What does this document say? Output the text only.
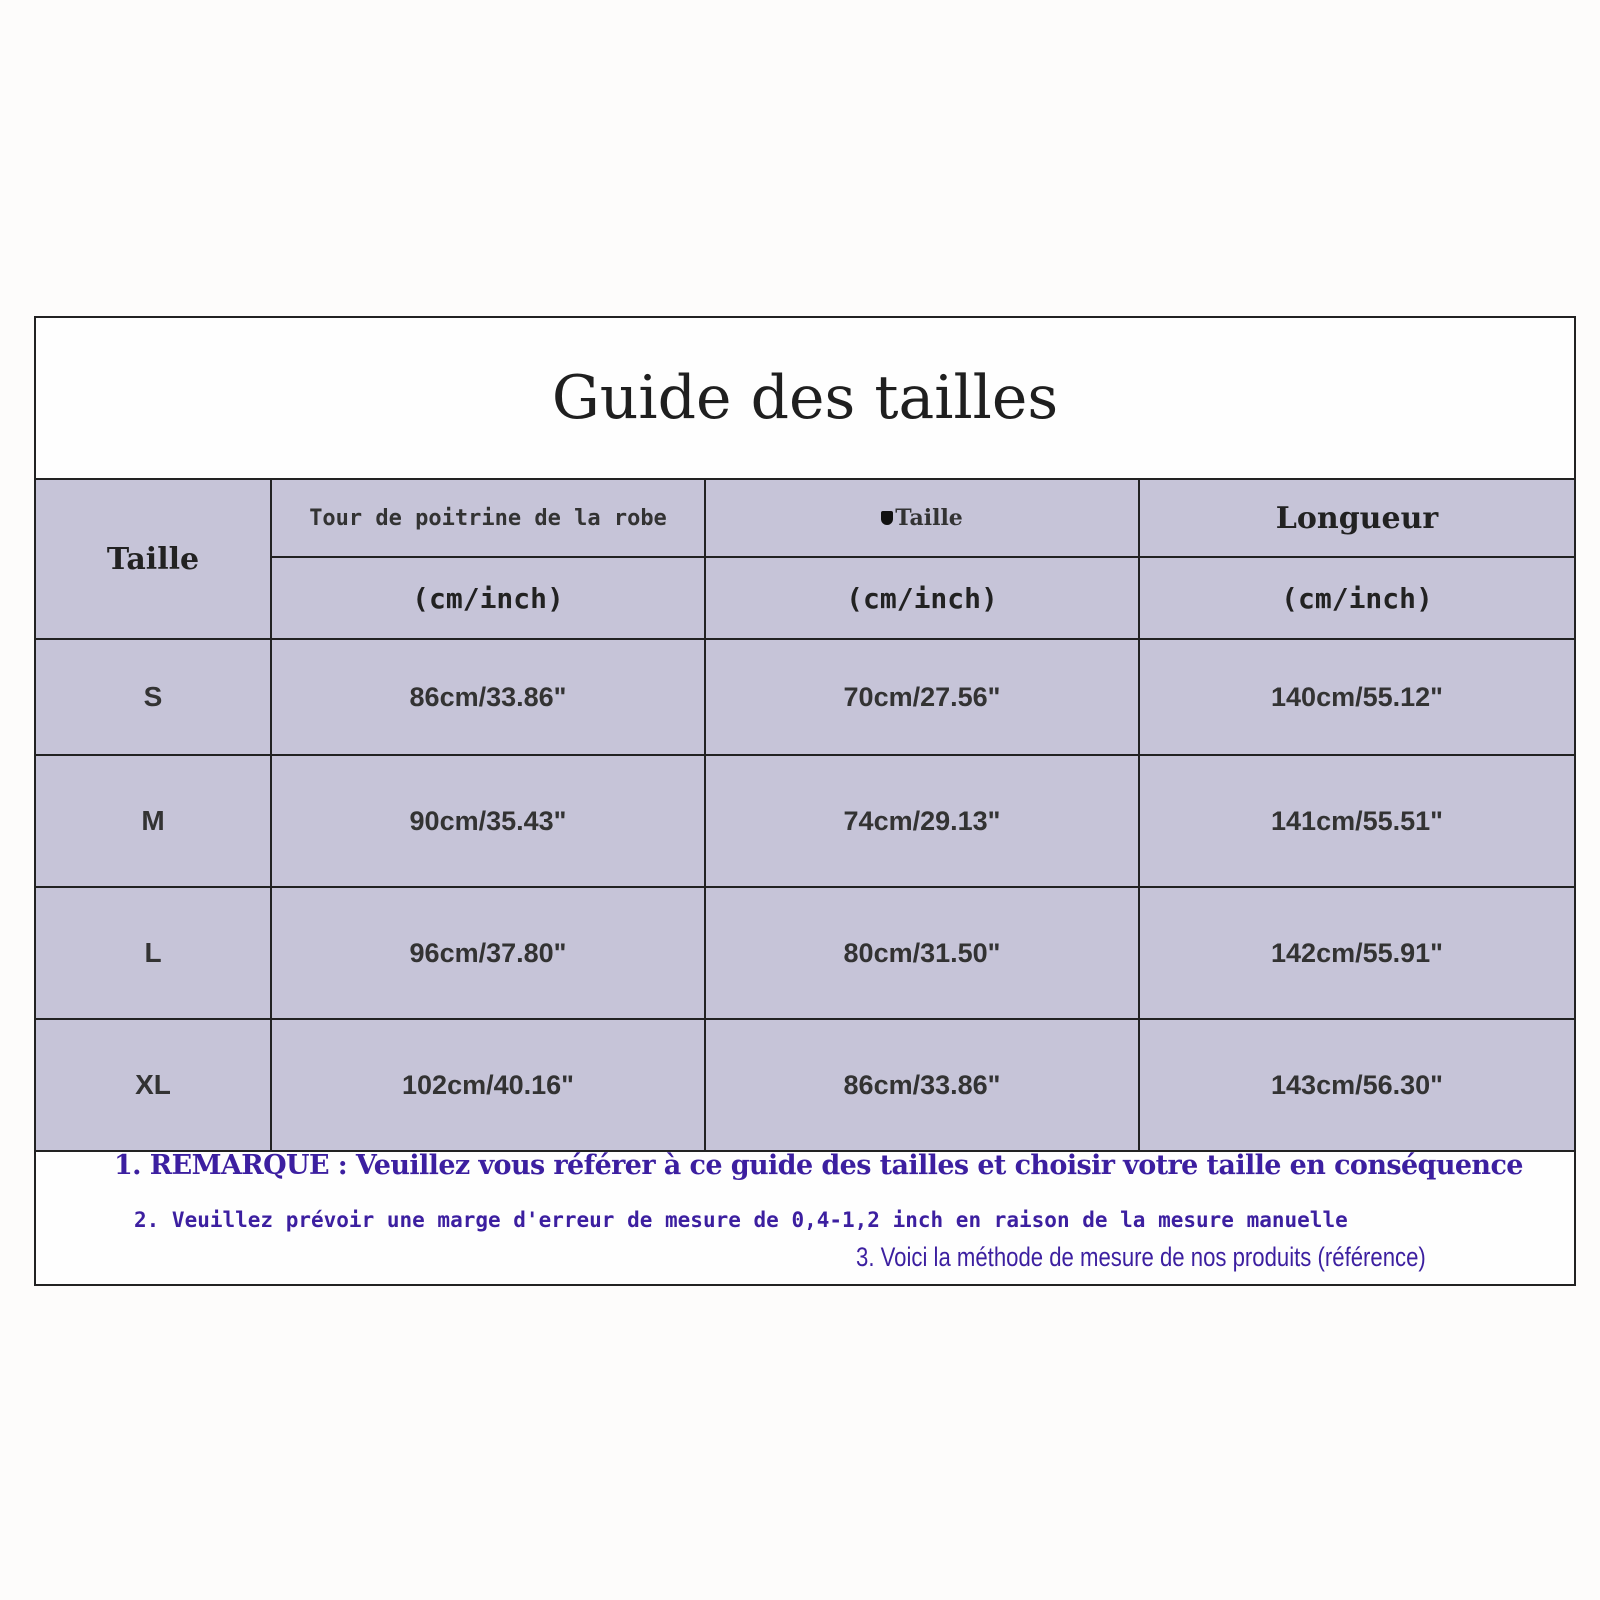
Guide des tailles
Taille
Tour de poitrine de la robe	Taille	Longueur
(cm/inch)	(cm/inch)	(cm/inch)
S	86cm/33.86"	70cm/27.56"	140cm/55.12"
M	90cm/35.43"	74cm/29.13"	141cm/55.51"
L	96cm/37.80"	80cm/31.50"	142cm/55.91"
XL	102cm/40.16"	86cm/33.86"	143cm/56.30"
1. REMARQUE : Veuillez vous référer à ce guide des tailles et choisir votre taille en conséquence
2. Veuillez prévoir une marge d'erreur de mesure de 0,4-1,2 inch en raison de la mesure manuelle
3. Voici la méthode de mesure de nos produits (référence)
